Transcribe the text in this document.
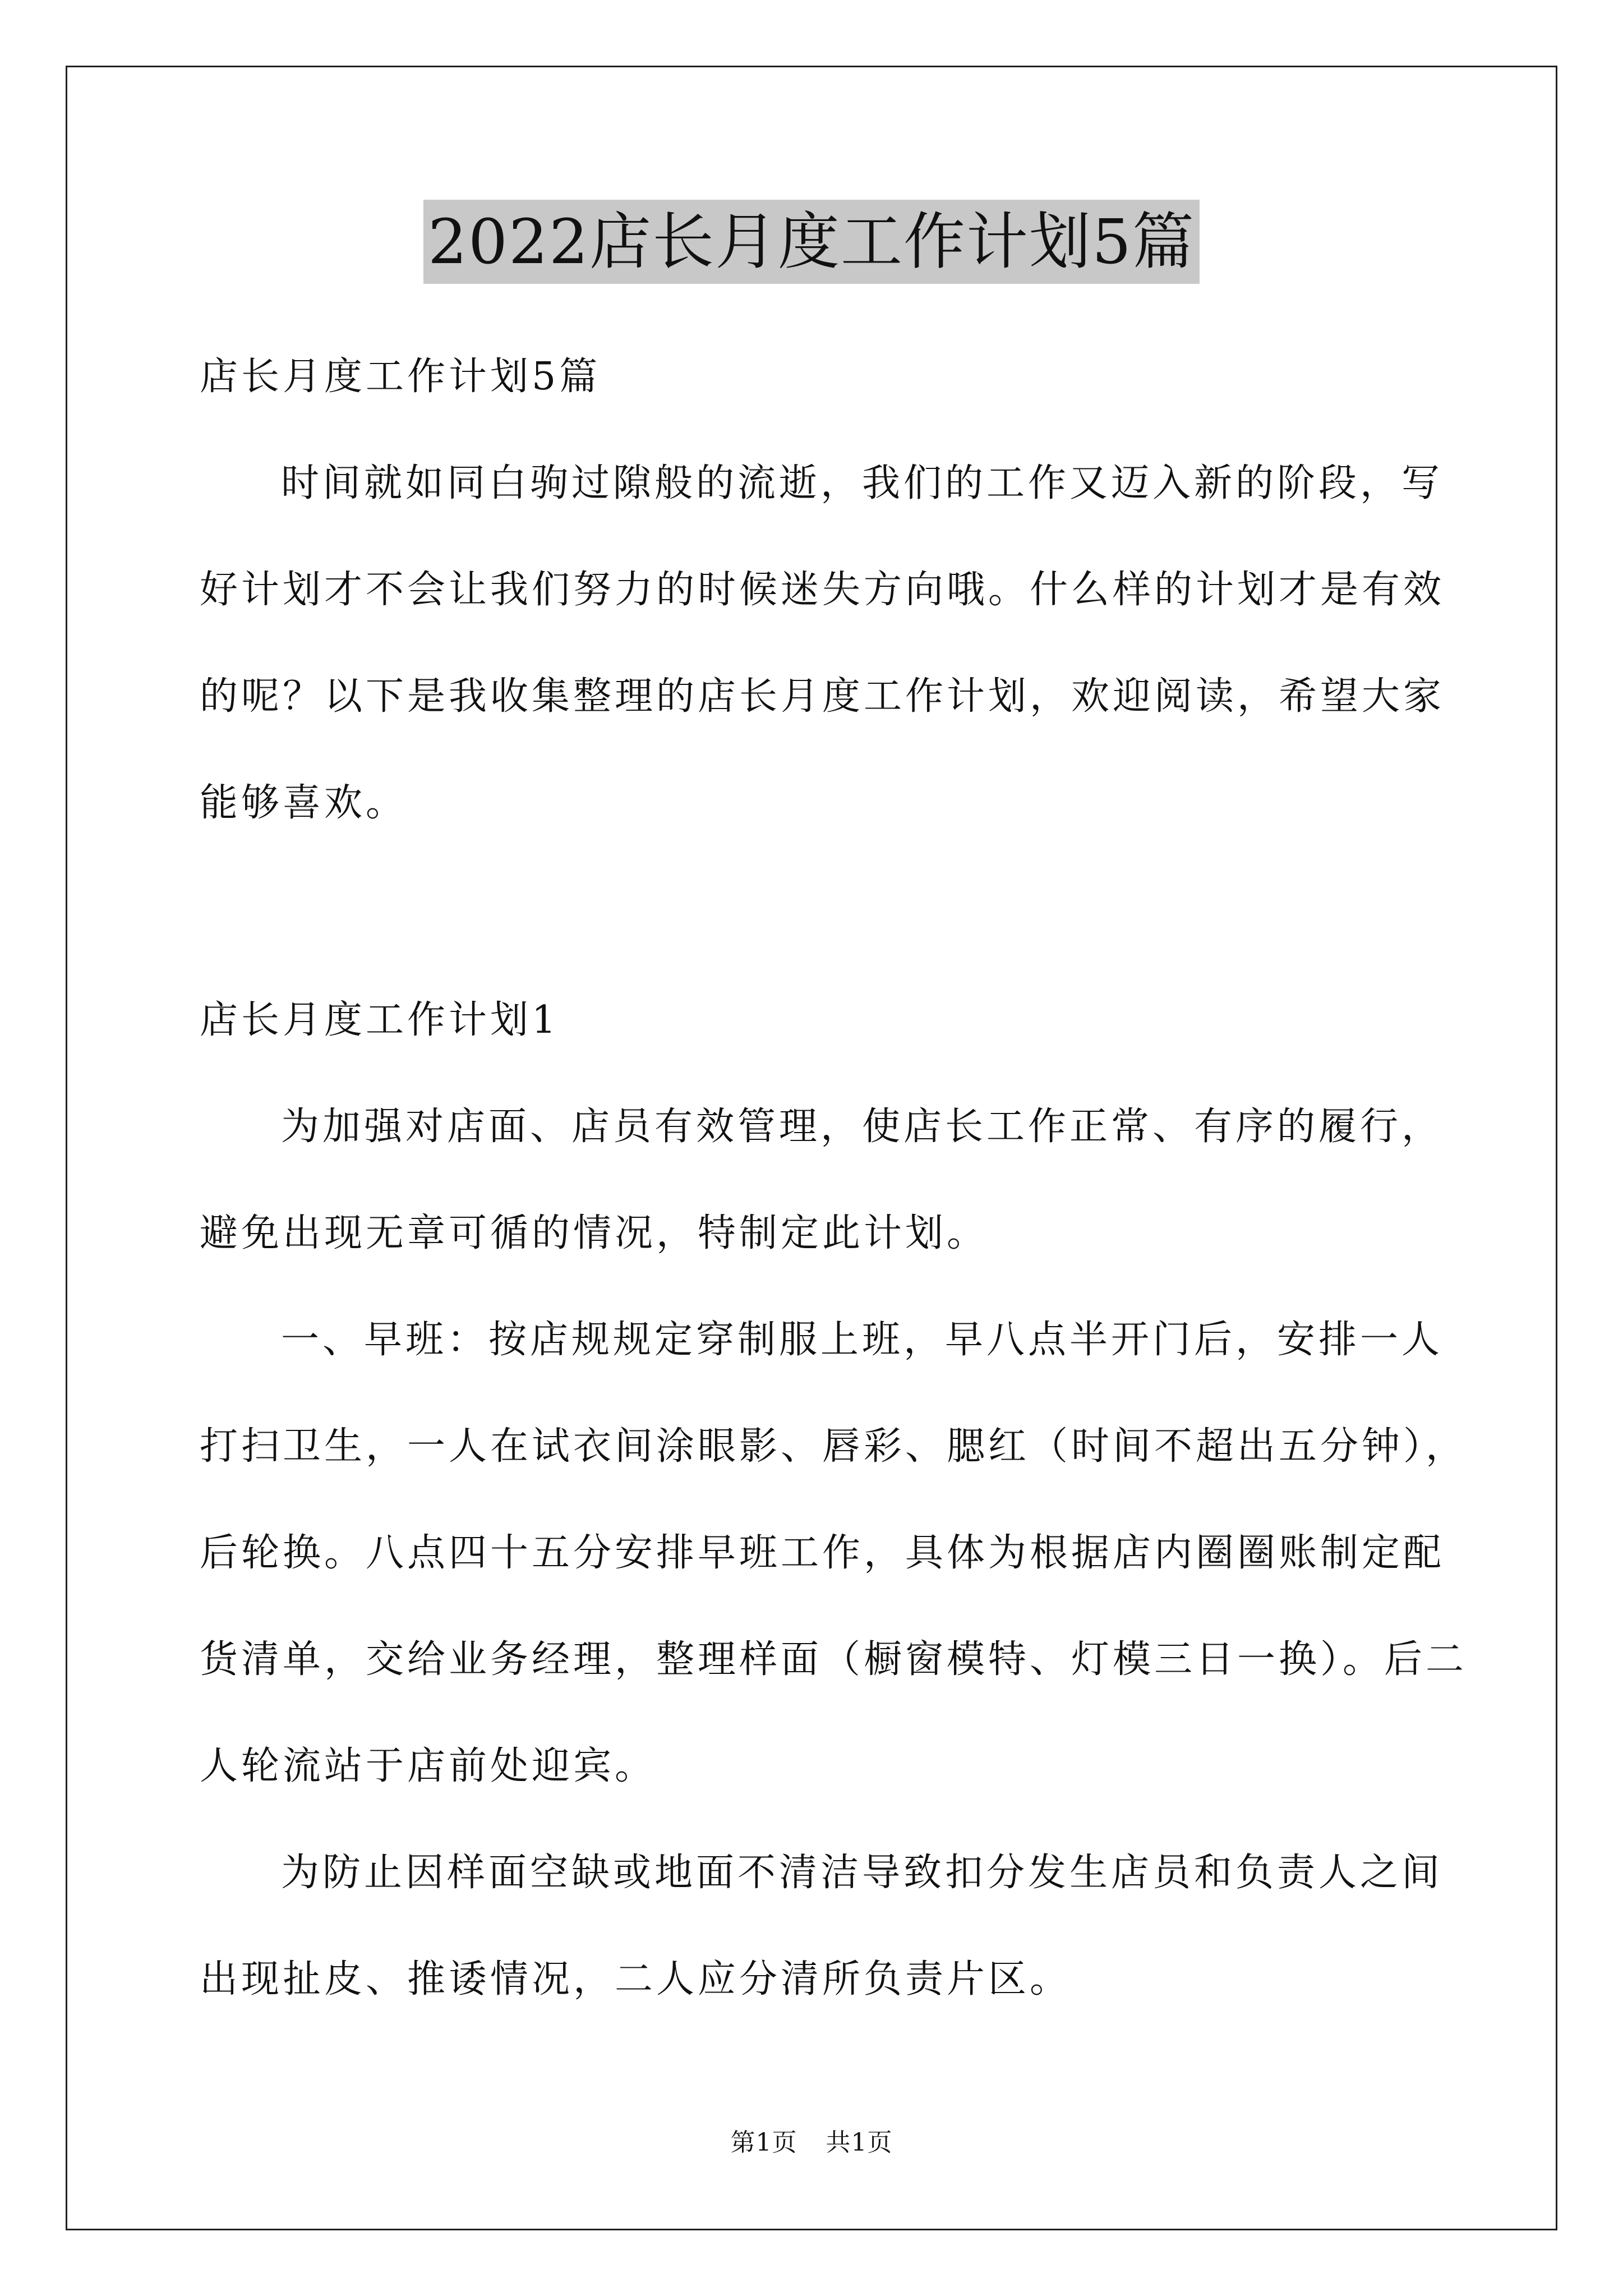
2022店长月度工作计划5篇
店长月度工作计划5篇
时间就如同白驹过隙般的流逝，我们的工作又迈入新的阶段，写
好计划才不会让我们努力的时候迷失方向哦。什么样的计划才是有效
的呢？以下是我收集整理的店长月度工作计划，欢迎阅读，希望大家
能够喜欢。
店长月度工作计划1
为加强对店面、店员有效管理，使店长工作正常、有序的履行，
避免出现无章可循的情况，特制定此计划。
一、早班：按店规规定穿制服上班，早八点半开门后，安排一人
打扫卫生，一人在试衣间涂眼影、唇彩、腮红（时间不超出五分钟），
后轮换。八点四十五分安排早班工作，具体为根据店内圈圈账制定配
货清单，交给业务经理，整理样面（橱窗模特、灯模三日一换）。后二
人轮流站于店前处迎宾。
为防止因样面空缺或地面不清洁导致扣分发生店员和负责人之间
出现扯皮、推诿情况，二人应分清所负责片区。
第1页 共1页
